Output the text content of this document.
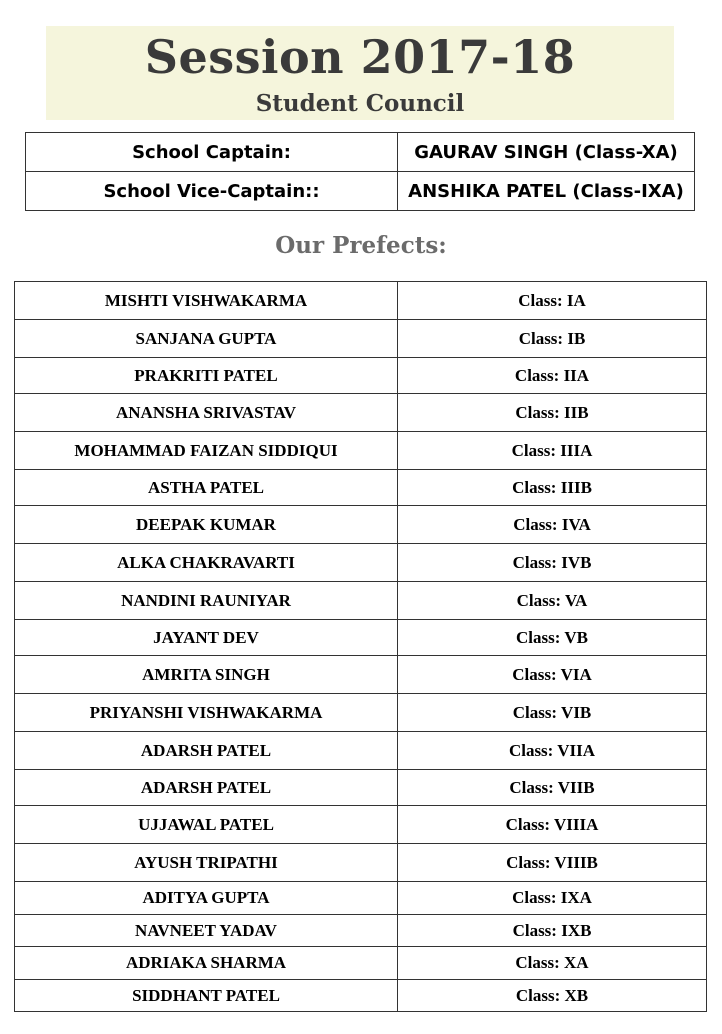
Session 2017-18
Student Council
School Captain:	GAURAV SINGH (Class-XA)
School Vice-Captain::	ANSHIKA PATEL (Class-IXA)
Our Prefects:
MISHTI VISHWAKARMA	Class: IA
SANJANA GUPTA	Class: IB
PRAKRITI PATEL	Class: IIA
ANANSHA SRIVASTAV	Class: IIB
MOHAMMAD FAIZAN SIDDIQUI	Class: IIIA
ASTHA PATEL	Class: IIIB
DEEPAK KUMAR	Class: IVA
ALKA CHAKRAVARTI	Class: IVB
NANDINI RAUNIYAR	Class: VA
JAYANT DEV	Class: VB
AMRITA SINGH	Class: VIA
PRIYANSHI VISHWAKARMA	Class: VIB
ADARSH PATEL	Class: VIIA
ADARSH PATEL	Class: VIIB
UJJAWAL PATEL	Class: VIIIA
AYUSH TRIPATHI	Class: VIIIB
ADITYA GUPTA	Class: IXA
NAVNEET YADAV	Class: IXB
ADRIAKA SHARMA	Class: XA
SIDDHANT PATEL	Class: XB
